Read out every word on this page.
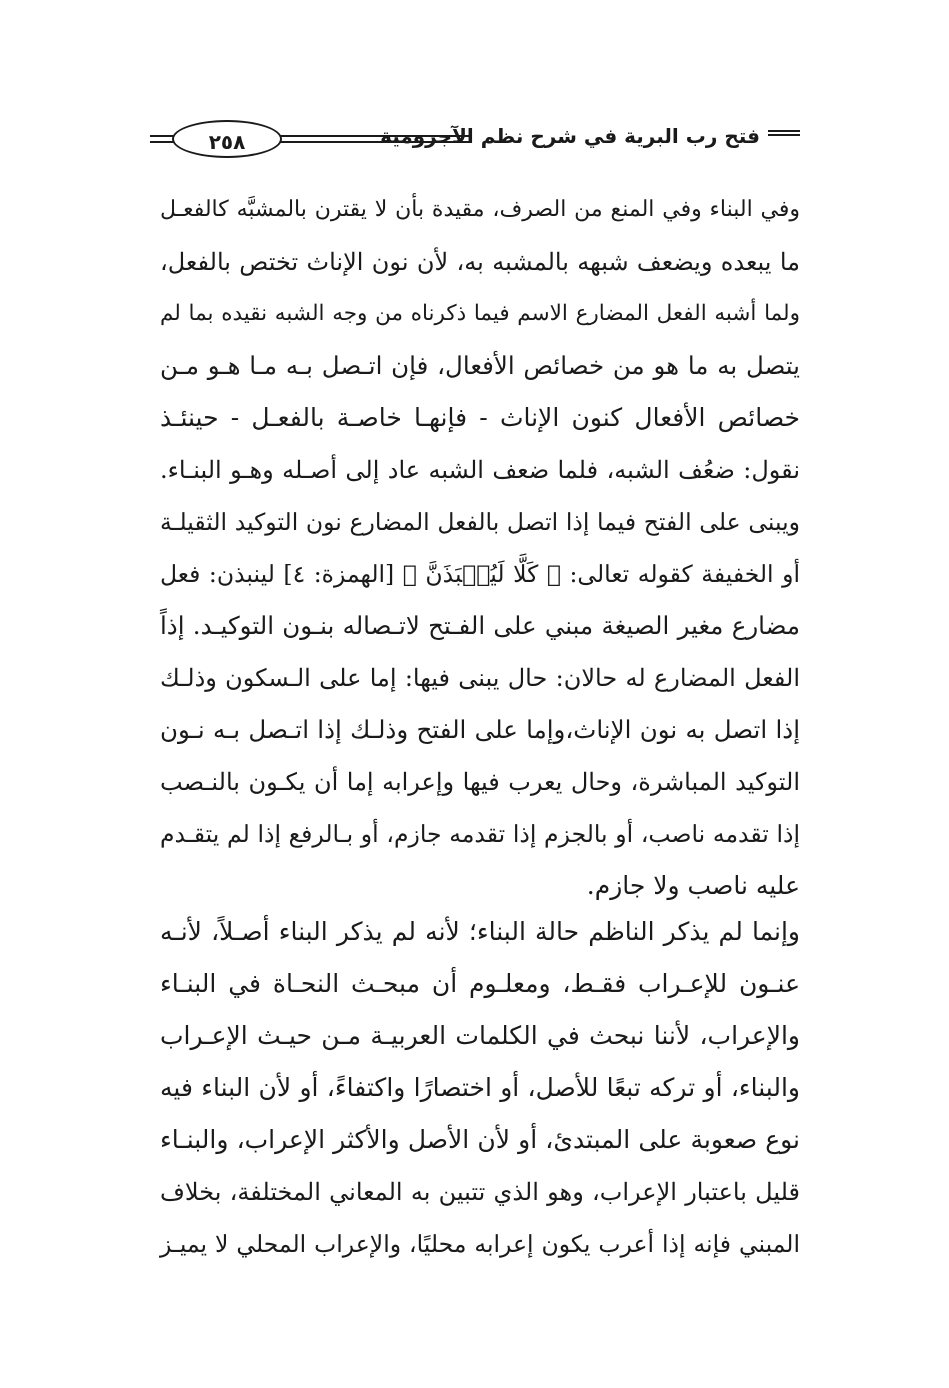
فتح رب البرية في شرح نظم الآجرومية
٢٥٨
وفي البناء وفي المنع من الصرف، مقيدة بأن لا يقترن بالمشبَّه كالفعـل
ما يبعده ويضعف شبهه بالمشبه به، لأن نون الإناث تختص بالفعل،
ولما أشبه الفعل المضارع الاسم فيما ذكرناه من وجه الشبه نقيده بما لم
يتصل به ما هو من خصائص الأفعال، فإن اتـصل بـه مـا هـو مـن
خصائص الأفعال كنون الإناث - فإنهـا خاصـة بالفعـل - حينئـذ
نقول: ضعُف الشبه، فلما ضعف الشبه عاد إلى أصـله وهـو البنـاء.
ويبنى على الفتح فيما إذا اتصل بالفعل المضارع نون التوكيد الثقيلـة
أو الخفيفة كقوله تعالى: ﴿ كَلَّا لَيُنۢبَذَنَّ ﴾ [الهمزة: ٤] لينبذن: فعل
مضارع مغير الصيغة مبني على الفـتح لاتـصاله بنـون التوكيـد. إذاً
الفعل المضارع له حالان: حال يبنى فيها: إما على الـسكون وذلـك
إذا اتصل به نون الإناث،وإما على الفتح وذلـك إذا اتـصل بـه نـون
التوكيد المباشرة، وحال يعرب فيها وإعرابه إما أن يكـون بالنـصب
إذا تقدمه ناصب، أو بالجزم إذا تقدمه جازم، أو بـالرفع إذا لم يتقـدم
عليه ناصب ولا جازم.
وإنما لم يذكر الناظم حالة البناء؛ لأنه لم يذكر البناء أصـلاً، لأنـه
عنـون للإعـراب فقـط، ومعلـوم أن مبحـث النحـاة في البنـاء
والإعراب، لأننا نبحث في الكلمات العربيـة مـن حيـث الإعـراب
والبناء، أو تركه تبعًا للأصل، أو اختصارًا واكتفاءً، أو لأن البناء فيه
نوع صعوبة على المبتدئ، أو لأن الأصل والأكثر الإعراب، والبنـاء
قليل باعتبار الإعراب، وهو الذي تتبين به المعاني المختلفة، بخلاف
المبني فإنه إذا أعرب يكون إعرابه محليًا، والإعراب المحلي لا يميـز
